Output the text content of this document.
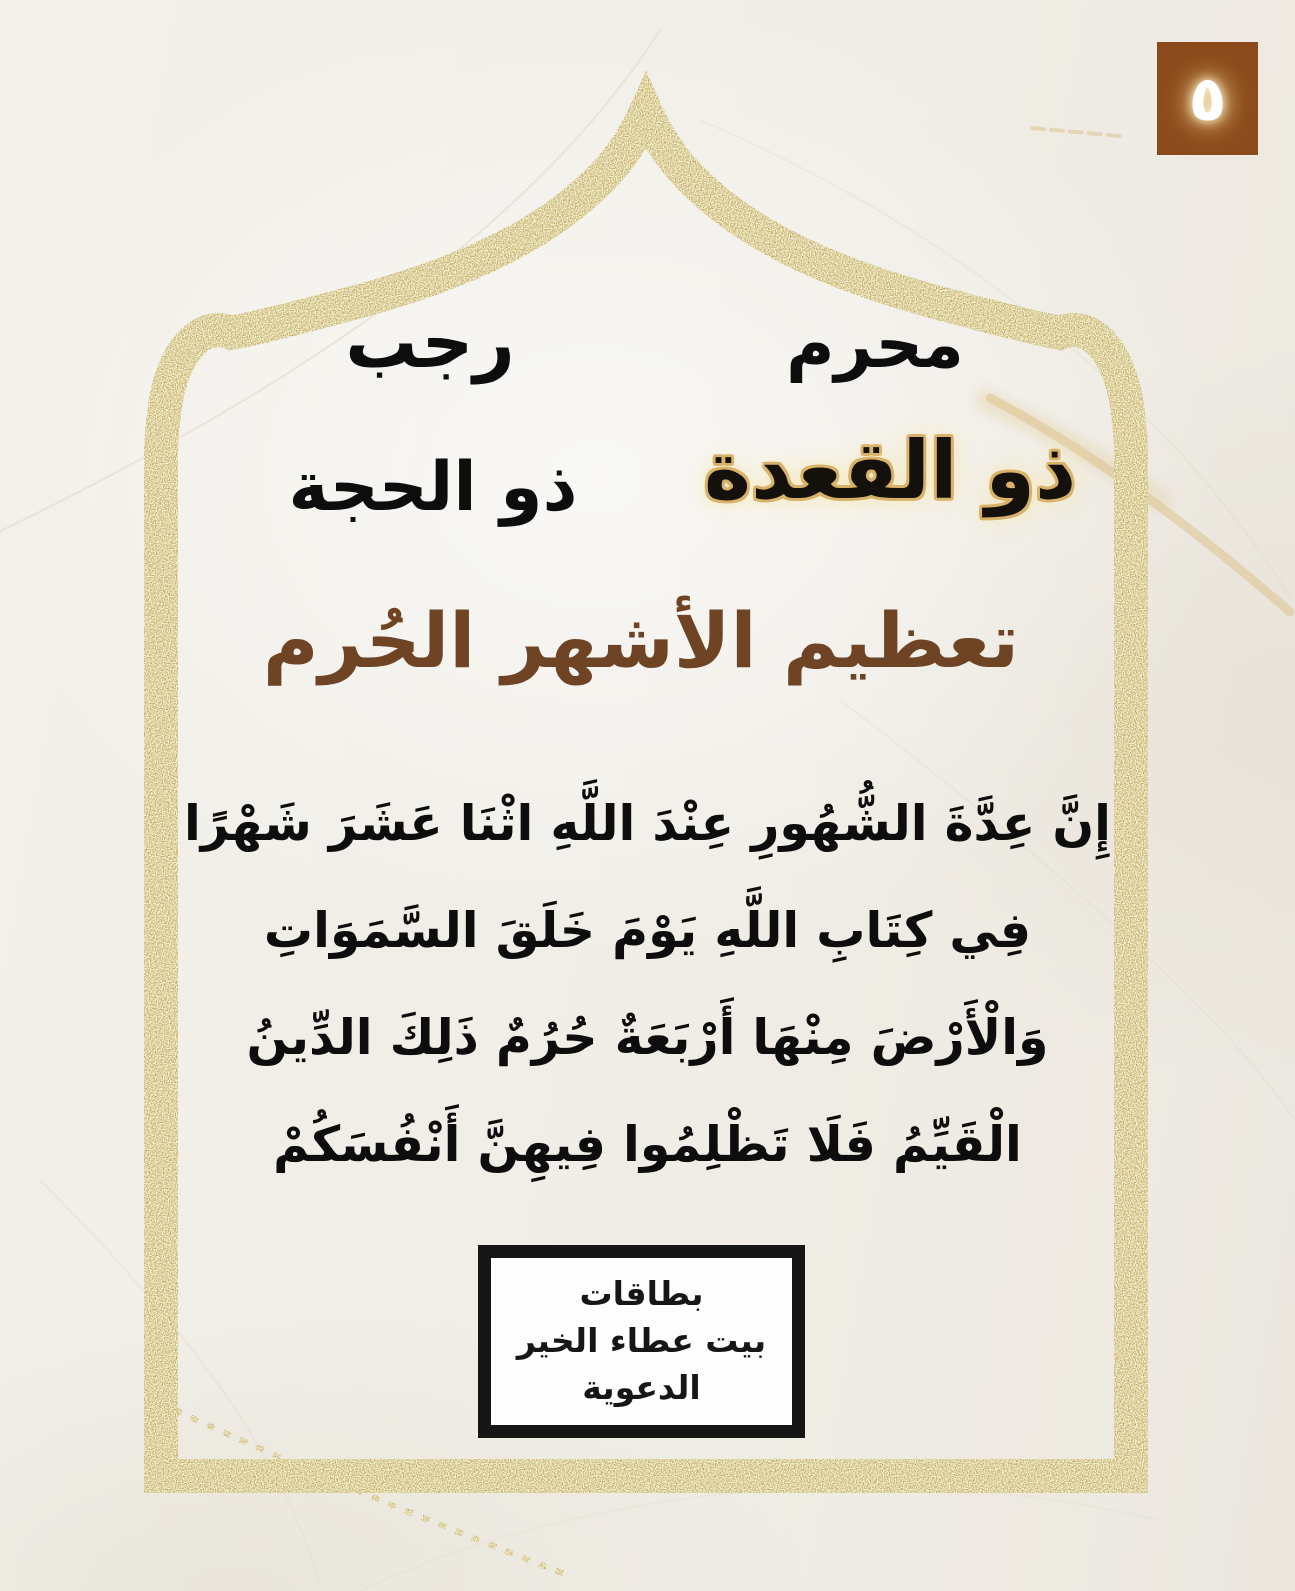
٥
رجب	محرم
ذو الحجة	ذو القعدة
تعظيم الأشهر الحُرم
إِنَّ عِدَّةَ الشُّهُورِ عِنْدَ اللَّهِ اثْنَا عَشَرَ شَهْرًا
فِي كِتَابِ اللَّهِ يَوْمَ خَلَقَ السَّمَوَاتِ
وَالْأَرْضَ مِنْهَا أَرْبَعَةٌ حُرُمٌ ذَلِكَ الدِّينُ
الْقَيِّمُ فَلَا تَظْلِمُوا فِيهِنَّ أَنْفُسَكُمْ
بطاقات
بيت عطاء الخير
الدعوية
